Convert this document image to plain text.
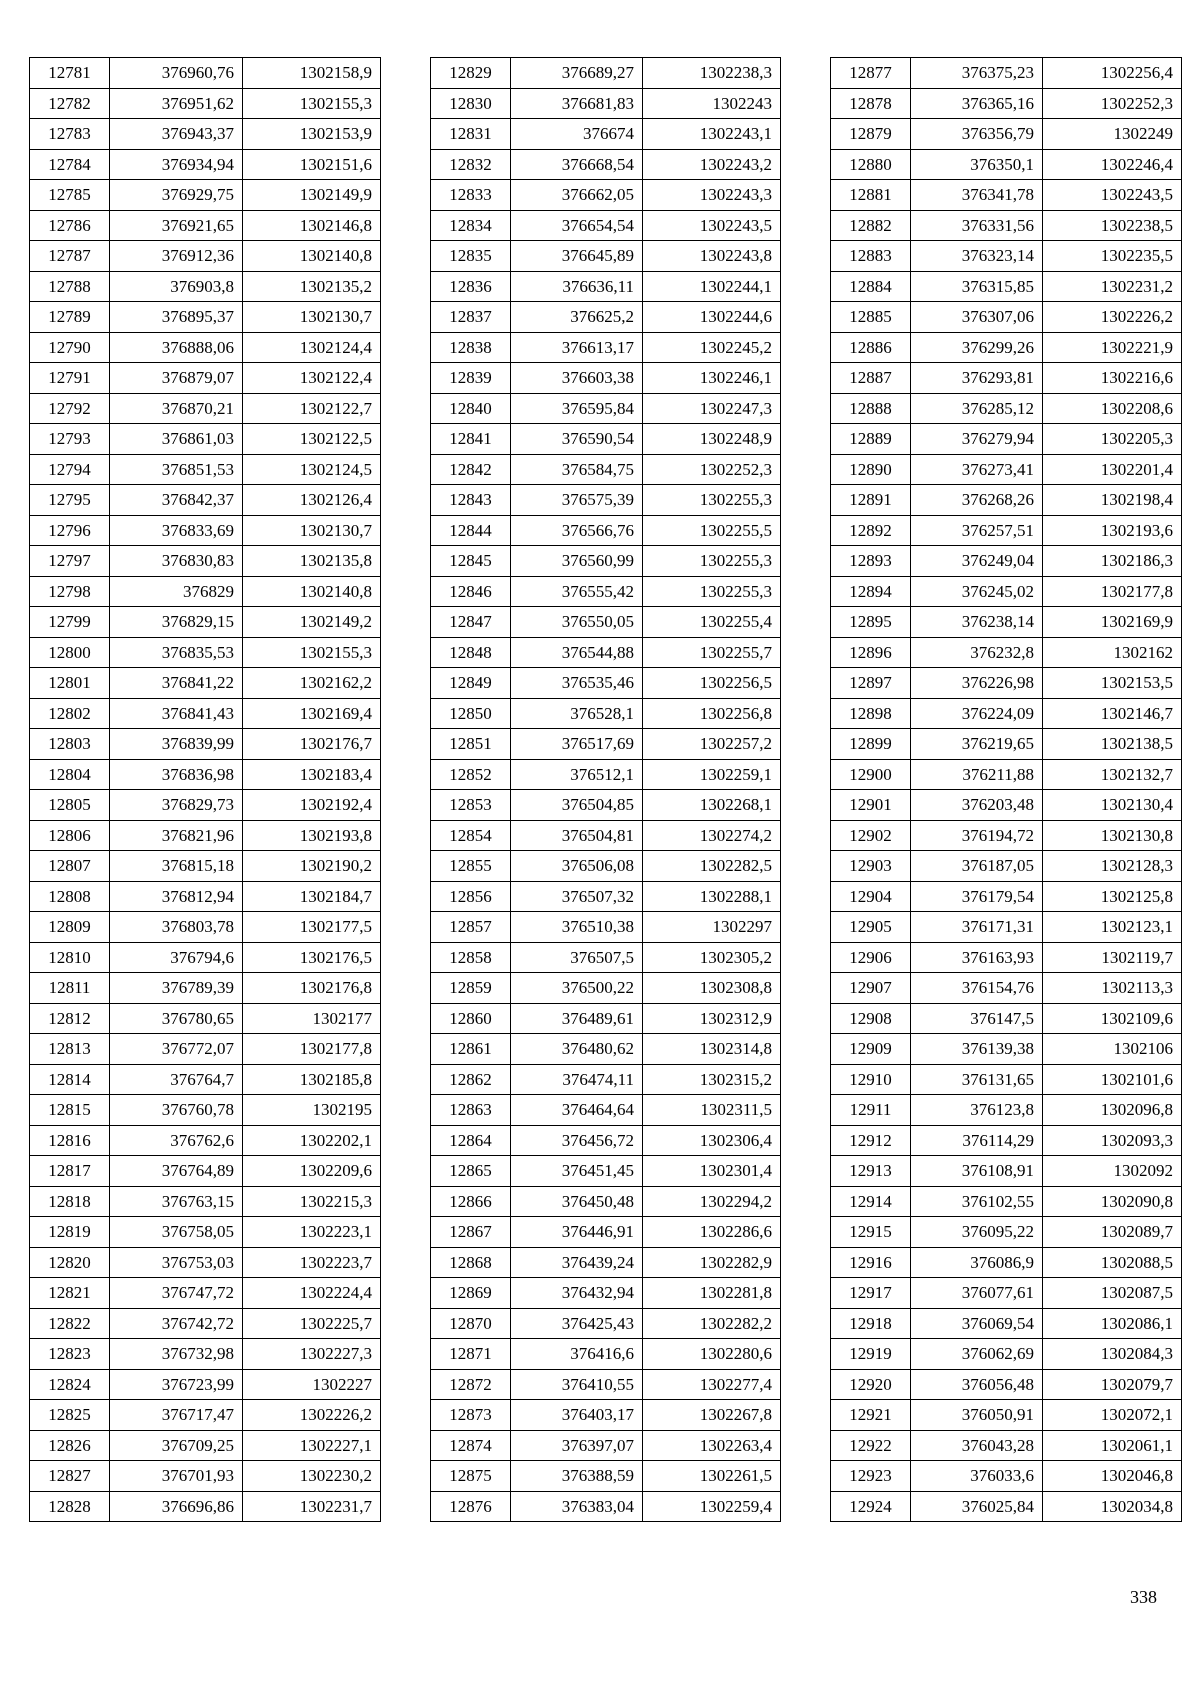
12781	376960,76	1302158,9
12782	376951,62	1302155,3
12783	376943,37	1302153,9
12784	376934,94	1302151,6
12785	376929,75	1302149,9
12786	376921,65	1302146,8
12787	376912,36	1302140,8
12788	376903,8	1302135,2
12789	376895,37	1302130,7
12790	376888,06	1302124,4
12791	376879,07	1302122,4
12792	376870,21	1302122,7
12793	376861,03	1302122,5
12794	376851,53	1302124,5
12795	376842,37	1302126,4
12796	376833,69	1302130,7
12797	376830,83	1302135,8
12798	376829	1302140,8
12799	376829,15	1302149,2
12800	376835,53	1302155,3
12801	376841,22	1302162,2
12802	376841,43	1302169,4
12803	376839,99	1302176,7
12804	376836,98	1302183,4
12805	376829,73	1302192,4
12806	376821,96	1302193,8
12807	376815,18	1302190,2
12808	376812,94	1302184,7
12809	376803,78	1302177,5
12810	376794,6	1302176,5
12811	376789,39	1302176,8
12812	376780,65	1302177
12813	376772,07	1302177,8
12814	376764,7	1302185,8
12815	376760,78	1302195
12816	376762,6	1302202,1
12817	376764,89	1302209,6
12818	376763,15	1302215,3
12819	376758,05	1302223,1
12820	376753,03	1302223,7
12821	376747,72	1302224,4
12822	376742,72	1302225,7
12823	376732,98	1302227,3
12824	376723,99	1302227
12825	376717,47	1302226,2
12826	376709,25	1302227,1
12827	376701,93	1302230,2
12828	376696,86	1302231,7
12829	376689,27	1302238,3
12830	376681,83	1302243
12831	376674	1302243,1
12832	376668,54	1302243,2
12833	376662,05	1302243,3
12834	376654,54	1302243,5
12835	376645,89	1302243,8
12836	376636,11	1302244,1
12837	376625,2	1302244,6
12838	376613,17	1302245,2
12839	376603,38	1302246,1
12840	376595,84	1302247,3
12841	376590,54	1302248,9
12842	376584,75	1302252,3
12843	376575,39	1302255,3
12844	376566,76	1302255,5
12845	376560,99	1302255,3
12846	376555,42	1302255,3
12847	376550,05	1302255,4
12848	376544,88	1302255,7
12849	376535,46	1302256,5
12850	376528,1	1302256,8
12851	376517,69	1302257,2
12852	376512,1	1302259,1
12853	376504,85	1302268,1
12854	376504,81	1302274,2
12855	376506,08	1302282,5
12856	376507,32	1302288,1
12857	376510,38	1302297
12858	376507,5	1302305,2
12859	376500,22	1302308,8
12860	376489,61	1302312,9
12861	376480,62	1302314,8
12862	376474,11	1302315,2
12863	376464,64	1302311,5
12864	376456,72	1302306,4
12865	376451,45	1302301,4
12866	376450,48	1302294,2
12867	376446,91	1302286,6
12868	376439,24	1302282,9
12869	376432,94	1302281,8
12870	376425,43	1302282,2
12871	376416,6	1302280,6
12872	376410,55	1302277,4
12873	376403,17	1302267,8
12874	376397,07	1302263,4
12875	376388,59	1302261,5
12876	376383,04	1302259,4
12877	376375,23	1302256,4
12878	376365,16	1302252,3
12879	376356,79	1302249
12880	376350,1	1302246,4
12881	376341,78	1302243,5
12882	376331,56	1302238,5
12883	376323,14	1302235,5
12884	376315,85	1302231,2
12885	376307,06	1302226,2
12886	376299,26	1302221,9
12887	376293,81	1302216,6
12888	376285,12	1302208,6
12889	376279,94	1302205,3
12890	376273,41	1302201,4
12891	376268,26	1302198,4
12892	376257,51	1302193,6
12893	376249,04	1302186,3
12894	376245,02	1302177,8
12895	376238,14	1302169,9
12896	376232,8	1302162
12897	376226,98	1302153,5
12898	376224,09	1302146,7
12899	376219,65	1302138,5
12900	376211,88	1302132,7
12901	376203,48	1302130,4
12902	376194,72	1302130,8
12903	376187,05	1302128,3
12904	376179,54	1302125,8
12905	376171,31	1302123,1
12906	376163,93	1302119,7
12907	376154,76	1302113,3
12908	376147,5	1302109,6
12909	376139,38	1302106
12910	376131,65	1302101,6
12911	376123,8	1302096,8
12912	376114,29	1302093,3
12913	376108,91	1302092
12914	376102,55	1302090,8
12915	376095,22	1302089,7
12916	376086,9	1302088,5
12917	376077,61	1302087,5
12918	376069,54	1302086,1
12919	376062,69	1302084,3
12920	376056,48	1302079,7
12921	376050,91	1302072,1
12922	376043,28	1302061,1
12923	376033,6	1302046,8
12924	376025,84	1302034,8
338
